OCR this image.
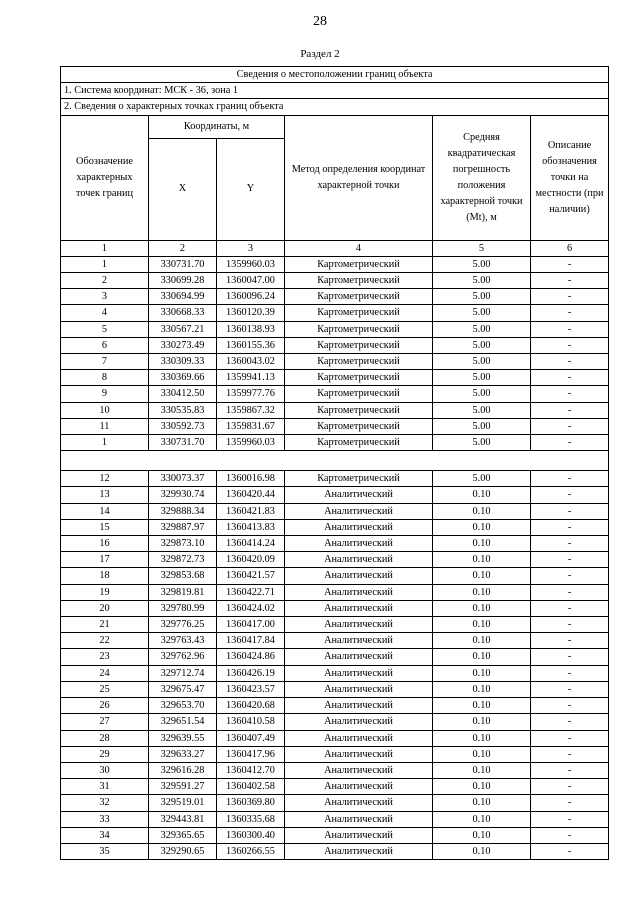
28
Раздел 2
Сведения о местоположении границ объекта					
1. Система координат: МСК - 36, зона 1					
2. Сведения о характерных точках границ объекта					
Обозначение характерных точек границ	Координаты, м		Метод определения координат характерной точки	Средняя квадратическая погрешность положения характерной точки (Mt), м	Описание обозначения точки на местности (при наличии)
	X	Y			
1	2	3	4	5	6
1	330731.70	1359960.03	Картометрический	5.00	-
2	330699.28	1360047.00	Картометрический	5.00	-
3	330694.99	1360096.24	Картометрический	5.00	-
4	330668.33	1360120.39	Картометрический	5.00	-
5	330567.21	1360138.93	Картометрический	5.00	-
6	330273.49	1360155.36	Картометрический	5.00	-
7	330309.33	1360043.02	Картометрический	5.00	-
8	330369.66	1359941.13	Картометрический	5.00	-
9	330412.50	1359977.76	Картометрический	5.00	-
10	330535.83	1359867.32	Картометрический	5.00	-
11	330592.73	1359831.67	Картометрический	5.00	-
1	330731.70	1359960.03	Картометрический	5.00	-

12	330073.37	1360016.98	Картометрический	5.00	-
13	329930.74	1360420.44	Аналитический	0.10	-
14	329888.34	1360421.83	Аналитический	0.10	-
15	329887.97	1360413.83	Аналитический	0.10	-
16	329873.10	1360414.24	Аналитический	0.10	-
17	329872.73	1360420.09	Аналитический	0.10	-
18	329853.68	1360421.57	Аналитический	0.10	-
19	329819.81	1360422.71	Аналитический	0.10	-
20	329780.99	1360424.02	Аналитический	0.10	-
21	329776.25	1360417.00	Аналитический	0.10	-
22	329763.43	1360417.84	Аналитический	0.10	-
23	329762.96	1360424.86	Аналитический	0.10	-
24	329712.74	1360426.19	Аналитический	0.10	-
25	329675.47	1360423.57	Аналитический	0.10	-
26	329653.70	1360420.68	Аналитический	0.10	-
27	329651.54	1360410.58	Аналитический	0.10	-
28	329639.55	1360407.49	Аналитический	0.10	-
29	329633.27	1360417.96	Аналитический	0.10	-
30	329616.28	1360412.70	Аналитический	0.10	-
31	329591.27	1360402.58	Аналитический	0.10	-
32	329519.01	1360369.80	Аналитический	0.10	-
33	329443.81	1360335.68	Аналитический	0.10	-
34	329365.65	1360300.40	Аналитический	0.10	-
35	329290.65	1360266.55	Аналитический	0.10	-
